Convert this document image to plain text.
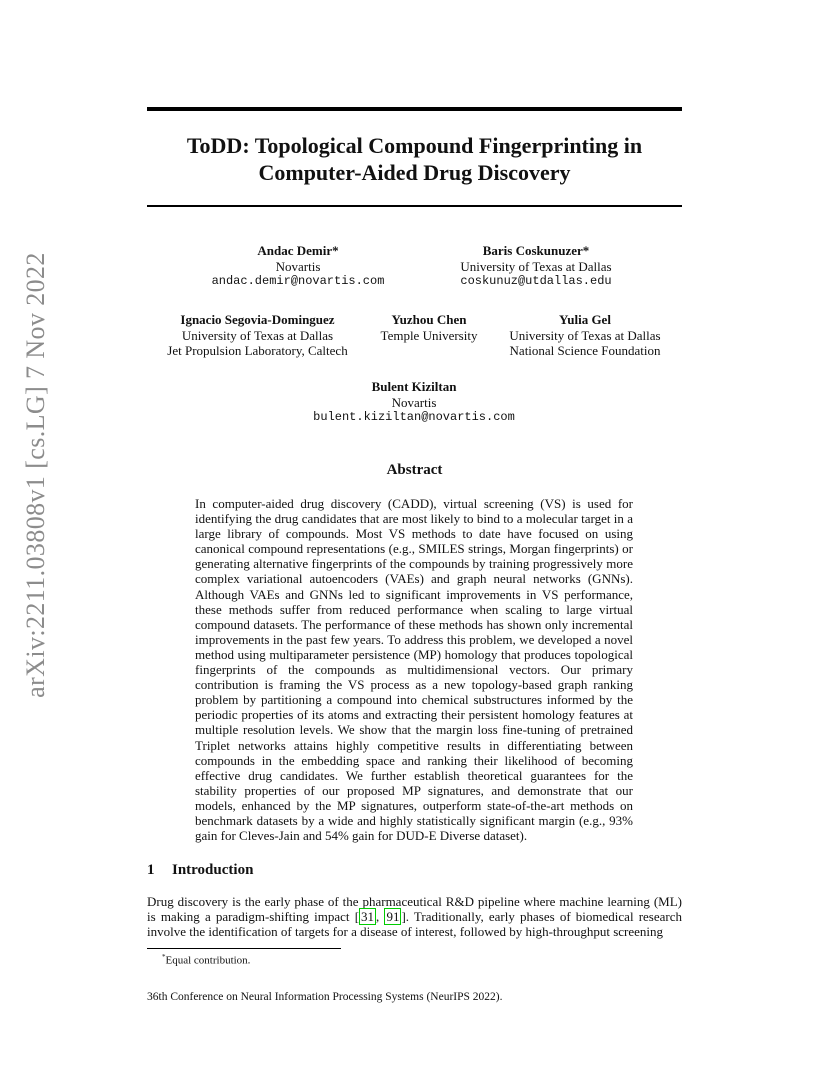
arXiv:2211.03808v1 [cs.LG] 7 Nov 2022
ToDD: Topological Compound Fingerprinting in
Computer-Aided Drug Discovery
Andac Demir*
Novartis
andac.demir@novartis.com
Baris Coskunuzer*
University of Texas at Dallas
coskunuz@utdallas.edu
Ignacio Segovia-Dominguez
University of Texas at Dallas
Jet Propulsion Laboratory, Caltech
Yuzhou Chen
Temple University
Yulia Gel
University of Texas at Dallas
National Science Foundation
Bulent Kiziltan
Novartis
bulent.kiziltan@novartis.com
Abstract

In computer-aided drug discovery (CADD), virtual screening (VS) is used for identifying the drug candidates that are most likely to bind to a molecular target in a large library of compounds. Most VS methods to date have focused on using canonical compound representations (e.g., SMILES strings, Morgan fingerprints) or generating alternative fingerprints of the compounds by training progressively more complex variational autoencoders (VAEs) and graph neural networks (GNNs). Although VAEs and GNNs led to significant improvements in VS performance, these methods suffer from reduced performance when scaling to large virtual compound datasets. The performance of these methods has shown only incremental improvements in the past few years. To address this problem, we developed a novel method using multiparameter persistence (MP) homology that produces topological fingerprints of the compounds as multidimensional vectors. Our primary contribution is framing the VS process as a new topology-based graph ranking problem by partitioning a compound into chemical substructures informed by the periodic properties of its atoms and extracting their persistent homology features at multiple resolution levels. We show that the margin loss fine-tuning of pretrained Triplet networks attains highly competitive results in differentiating between compounds in the embedding space and ranking their likelihood of becoming effective drug candidates. We further establish theoretical guarantees for the stability properties of our proposed MP signatures, and demonstrate that our models, enhanced by the MP signatures, outperform state-of-the-art methods on benchmark datasets by a wide and highly statistically significant margin (e.g., 93% gain for Cleves-Jain and 54% gain for DUD-E Diverse dataset).

1 Introduction

Drug discovery is the early phase of the pharmaceutical R&D pipeline where machine learning (ML) is making a paradigm-shifting impact [ 31 , 91 ]. Traditionally, early phases of biomedical research involve the identification of targets for a disease of interest, followed by high-throughput screening

*Equal contribution.
36th Conference on Neural Information Processing Systems (NeurIPS 2022).
